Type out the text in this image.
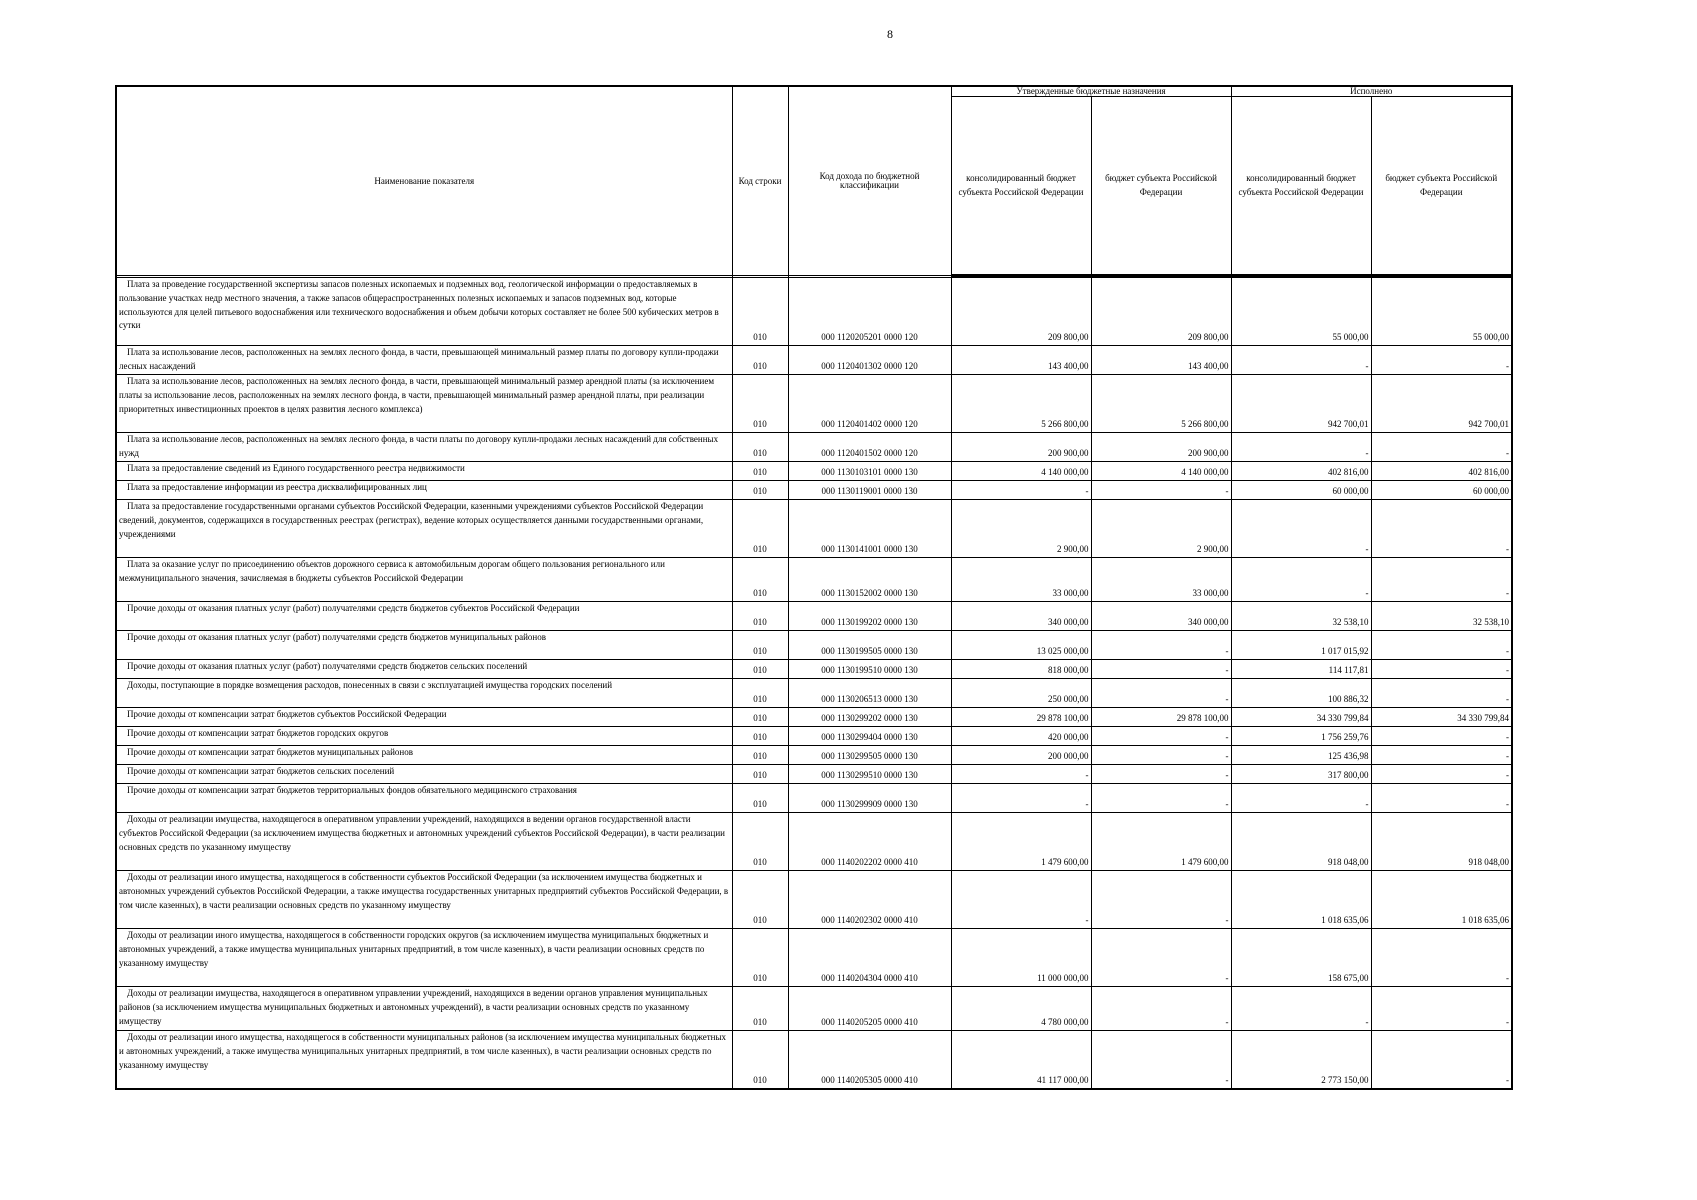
8
Наименование показателя	Код строки	Код дохода по бюджетной классификации	Утвержденные бюджетные назначения		Исполнено	
			консолидированный бюджет субъекта Российской Федерации	бюджет субъекта Российской Федерации	консолидированный бюджет субъекта Российской Федерации	бюджет субъекта Российской Федерации

Плата за проведение государственной экспертизы запасов полезных ископаемых и подземных вод, геологической информации о предоставляемых в пользование участках недр местного значения, а также запасов общераспространенных полезных ископаемых и запасов подземных вод, которые используются для целей питьевого водоснабжения или технического водоснабжения и объем добычи которых составляет не более 500 кубических метров в сутки	010	000 1120205201 0000 120	209 800,00	209 800,00	55 000,00	55 000,00

Плата за использование лесов, расположенных на землях лесного фонда, в части, превышающей минимальный размер платы по договору купли-продажи лесных насаждений	010	000 1120401302 0000 120	143 400,00	143 400,00	-	-

Плата за использование лесов, расположенных на землях лесного фонда, в части, превышающей минимальный размер арендной платы (за исключением платы за использование лесов, расположенных на землях лесного фонда, в части, превышающей минимальный размер арендной платы, при реализации приоритетных инвестиционных проектов в целях развития лесного комплекса)	010	000 1120401402 0000 120	5 266 800,00	5 266 800,00	942 700,01	942 700,01

Плата за использование лесов, расположенных на землях лесного фонда, в части платы по договору купли-продажи лесных насаждений для собственных нужд	010	000 1120401502 0000 120	200 900,00	200 900,00	-	-

Плата за предоставление сведений из Единого государственного реестра недвижимости	010	000 1130103101 0000 130	4 140 000,00	4 140 000,00	402 816,00	402 816,00

Плата за предоставление информации из реестра дисквалифицированных лиц	010	000 1130119001 0000 130	-	-	60 000,00	60 000,00

Плата за предоставление государственными органами субъектов Российской Федерации, казенными учреждениями субъектов Российской Федерации сведений, документов, содержащихся в государственных реестрах (регистрах), ведение которых осуществляется данными государственными органами, учреждениями	010	000 1130141001 0000 130	2 900,00	2 900,00	-	-

Плата за оказание услуг по присоединению объектов дорожного сервиса к автомобильным дорогам общего пользования регионального или межмуниципального значения, зачисляемая в бюджеты субъектов Российской Федерации	010	000 1130152002 0000 130	33 000,00	33 000,00	-	-

Прочие доходы от оказания платных услуг (работ) получателями средств бюджетов субъектов Российской Федерации	010	000 1130199202 0000 130	340 000,00	340 000,00	32 538,10	32 538,10

Прочие доходы от оказания платных услуг (работ) получателями средств бюджетов муниципальных районов	010	000 1130199505 0000 130	13 025 000,00	-	1 017 015,92	-

Прочие доходы от оказания платных услуг (работ) получателями средств бюджетов сельских поселений	010	000 1130199510 0000 130	818 000,00	-	114 117,81	-

Доходы, поступающие в порядке возмещения расходов, понесенных в связи с эксплуатацией имущества городских поселений	010	000 1130206513 0000 130	250 000,00	-	100 886,32	-

Прочие доходы от компенсации затрат бюджетов субъектов Российской Федерации	010	000 1130299202 0000 130	29 878 100,00	29 878 100,00	34 330 799,84	34 330 799,84

Прочие доходы от компенсации затрат бюджетов городских округов	010	000 1130299404 0000 130	420 000,00	-	1 756 259,76	-

Прочие доходы от компенсации затрат бюджетов муниципальных районов	010	000 1130299505 0000 130	200 000,00	-	125 436,98	-

Прочие доходы от компенсации затрат бюджетов сельских поселений	010	000 1130299510 0000 130	-	-	317 800,00	-

Прочие доходы от компенсации затрат бюджетов территориальных фондов обязательного медицинского страхования	010	000 1130299909 0000 130	-	-	-	-

Доходы от реализации имущества, находящегося в оперативном управлении учреждений, находящихся в ведении органов государственной власти субъектов Российской Федерации (за исключением имущества бюджетных и автономных учреждений субъектов Российской Федерации), в части реализации основных средств по указанному имуществу	010	000 1140202202 0000 410	1 479 600,00	1 479 600,00	918 048,00	918 048,00

Доходы от реализации иного имущества, находящегося в собственности субъектов Российской Федерации (за исключением имущества бюджетных и автономных учреждений субъектов Российской Федерации, а также имущества государственных унитарных предприятий субъектов Российской Федерации, в том числе казенных), в части реализации основных средств по указанному имуществу	010	000 1140202302 0000 410	-	-	1 018 635,06	1 018 635,06

Доходы от реализации иного имущества, находящегося в собственности городских округов (за исключением имущества муниципальных бюджетных и автономных учреждений, а также имущества муниципальных унитарных предприятий, в том числе казенных), в части реализации основных средств по указанному имуществу	010	000 1140204304 0000 410	11 000 000,00	-	158 675,00	-

Доходы от реализации имущества, находящегося в оперативном управлении учреждений, находящихся в ведении органов управления муниципальных районов (за исключением имущества муниципальных бюджетных и автономных учреждений), в части реализации основных средств по указанному имуществу	010	000 1140205205 0000 410	4 780 000,00	-	-	-

Доходы от реализации иного имущества, находящегося в собственности муниципальных районов (за исключением имущества муниципальных бюджетных и автономных учреждений, а также имущества муниципальных унитарных предприятий, в том числе казенных), в части реализации основных средств по указанному имуществу	010	000 1140205305 0000 410	41 117 000,00	-	2 773 150,00	-
